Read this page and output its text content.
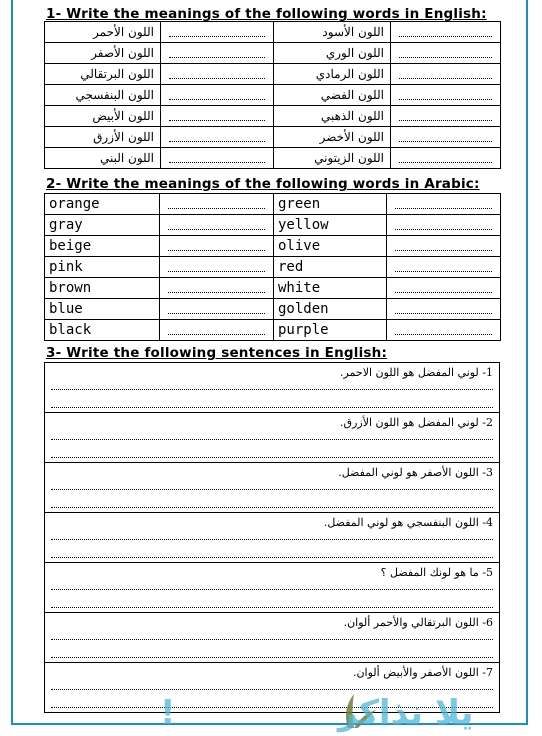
1- Write the meanings of the following words in English:
اللون الأحمر		اللون الأسود	

اللون الأصفر		اللون الوري	

اللون البرتقالي		اللون الرمادي	

اللون البنفسجي		اللون الفضي	

اللون الأبيض		اللون الذهبي	

اللون الأزرق		اللون الأخضر	

اللون البني		اللون الزيتوني	
2- Write the meanings of the following words in Arabic:
orange		green	

gray		yellow	

beige		olive	

pink		red	

brown		white	

blue		golden	

black		purple	
3- Write the following sentences in English:
1- لوني المفضل هو اللون الاحمر.

2- لوني المفضل هو اللون الأزرق.

3- اللون الأصفر هو لوني المفضل.

4- اللون البنفسجي هو لوني المفضل.

5- ما هو لونك المفضل ؟

6- اللون البرتقالي والأحمر ألوان.

7- اللون الأصفر والأبيض ألوان.
يلا نذاكر
!
